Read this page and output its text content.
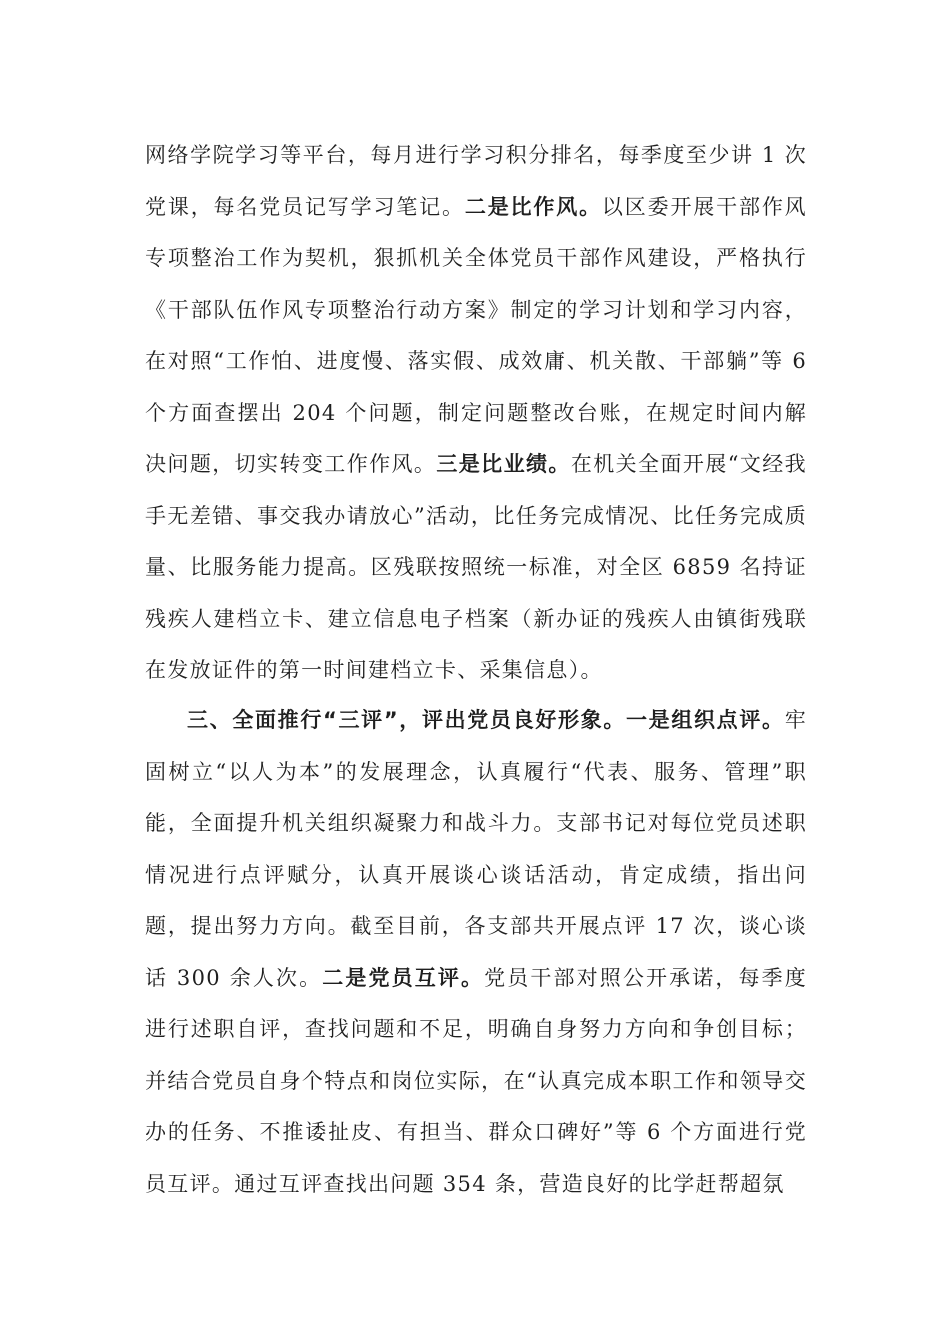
网络学院学习等平台，每月进行学习积分排名，每季度至少讲 1 次党课，每名党员记写学习笔记。二是比作风。以区委开展干部作风专项整治工作为契机，狠抓机关全体党员干部作风建设，严格执行《干部队伍作风专项整治行动方案》制定的学习计划和学习内容，在对照“工作怕、进度慢、落实假、成效庸、机关散、干部躺”等 6 个方面查摆出 204 个问题，制定问题整改台账，在规定时间内解决问题，切实转变工作作风。三是比业绩。在机关全面开展“文经我手无差错、事交我办请放心”活动，比任务完成情况、比任务完成质量、比服务能力提高。区残联按照统一标准，对全区 6859 名持证残疾人建档立卡、建立信息电子档案（新办证的残疾人由镇街残联在发放证件的第一时间建档立卡、采集信息）。

三、全面推行“三评”，评出党员良好形象。一是组织点评。牢固树立“以人为本”的发展理念，认真履行“代表、服务、管理”职能，全面提升机关组织凝聚力和战斗力。支部书记对每位党员述职情况进行点评赋分，认真开展谈心谈话活动，肯定成绩，指出问题，提出努力方向。截至目前，各支部共开展点评 17 次，谈心谈话 300 余人次。二是党员互评。党员干部对照公开承诺，每季度进行述职自评，查找问题和不足，明确自身努力方向和争创目标；并结合党员自身个特点和岗位实际，在“认真完成本职工作和领导交办的任务、不推诿扯皮、有担当、群众口碑好”等 6 个方面进行党员互评。通过互评查找出问题 354 条，营造良好的比学赶帮超氛
